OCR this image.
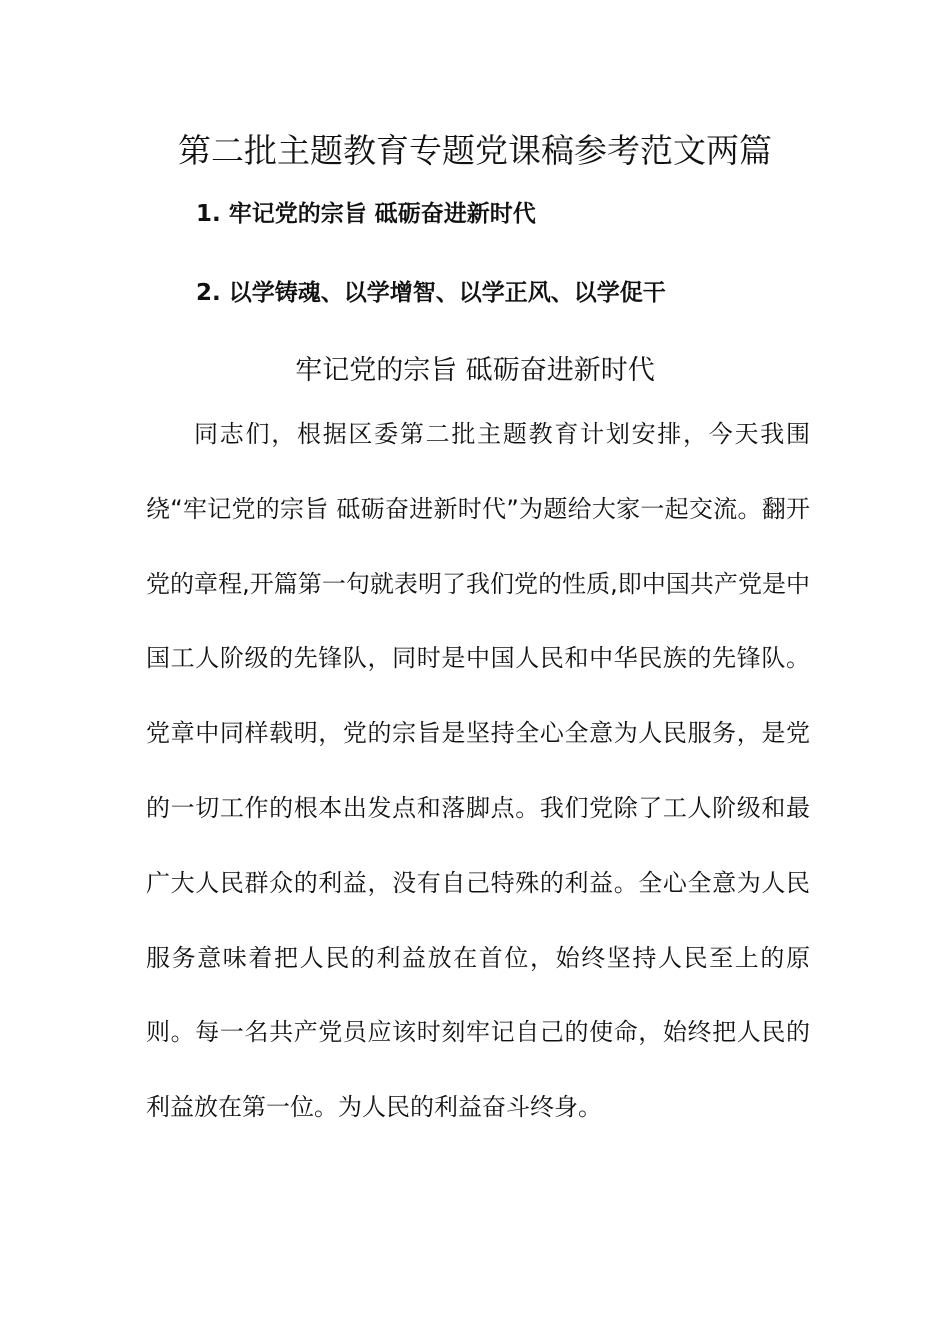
第二批主题教育专题党课稿参考范文两篇
1. 牢记党的宗旨 砥砺奋进新时代
2. 以学铸魂、以学增智、以学正风、以学促干
牢记党的宗旨 砥砺奋进新时代

同志们，根据区委第二批主题教育计划安排，今天我围绕“牢记党的宗旨 砥砺奋进新时代”为题给大家一起交流。翻开党的章程,开篇第一句就表明了我们党的性质,即中国共产党是中国工人阶级的先锋队，同时是中国人民和中华民族的先锋队。党章中同样载明，党的宗旨是坚持全心全意为人民服务，是党的一切工作的根本出发点和落脚点。我们党除了工人阶级和最广大人民群众的利益，没有自己特殊的利益。全心全意为人民服务意味着把人民的利益放在首位，始终坚持人民至上的原则。每一名共产党员应该时刻牢记自己的使命，始终把人民的利益放在第一位。为人民的利益奋斗终身。
